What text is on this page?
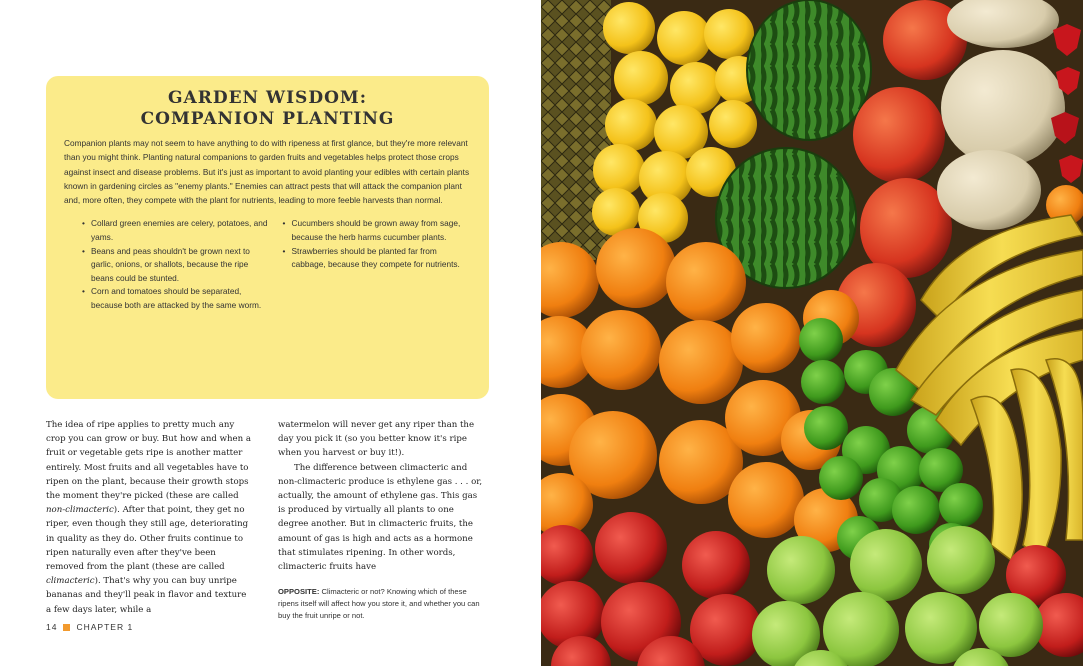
GARDEN WISDOM:
COMPANION PLANTING

Companion plants may not seem to have anything to do with ripeness at first glance, but they're more relevant than you might think. Planting natural companions to garden fruits and vegetables helps protect those crops against insect and disease problems. But it's just as important to avoid planting your edibles with certain plants known in gardening circles as "enemy plants." Enemies can attract pests that will attack the companion plant and, more often, they compete with the plant for nutrients, leading to more feeble harvests than normal.

• Collard green enemies are celery, potatoes, and yams.
• Beans and peas shouldn't be grown next to garlic, onions, or shallots, because the ripe beans could be stunted.
• Corn and tomatoes should be separated, because both are attacked by the same worm.
• Cucumbers should be grown away from sage, because the herb harms cucumber plants.
• Strawberries should be planted far from cabbage, because they compete for nutrients.

The idea of ripe applies to pretty much any crop you can grow or buy. But how and when a fruit or vegetable gets ripe is another matter entirely. Most fruits and all vegetables have to ripen on the plant, because their growth stops the moment they're picked (these are called non-climacteric). After that point, they get no riper, even though they still age, deteriorating in quality as they do. Other fruits continue to ripen naturally even after they've been removed from the plant (these are called climacteric). That's why you can buy unripe bananas and they'll peak in flavor and texture a few days later, while a

watermelon will never get any riper than the day you pick it (so you better know it's ripe when you harvest or buy it!).

The difference between climacteric and non-climacteric produce is ethylene gas . . . or, actually, the amount of ethylene gas. This gas is produced by virtually all plants to one degree another. But in climacteric fruits, the amount of gas is high and acts as a hormone that stimulates ripening. In other words, climacteric fruits have

OPPOSITE: Climacteric or not? Knowing which of these ripens itself will affect how you store it, and whether you can buy the fruit unripe or not.
14 CHAPTER 1
